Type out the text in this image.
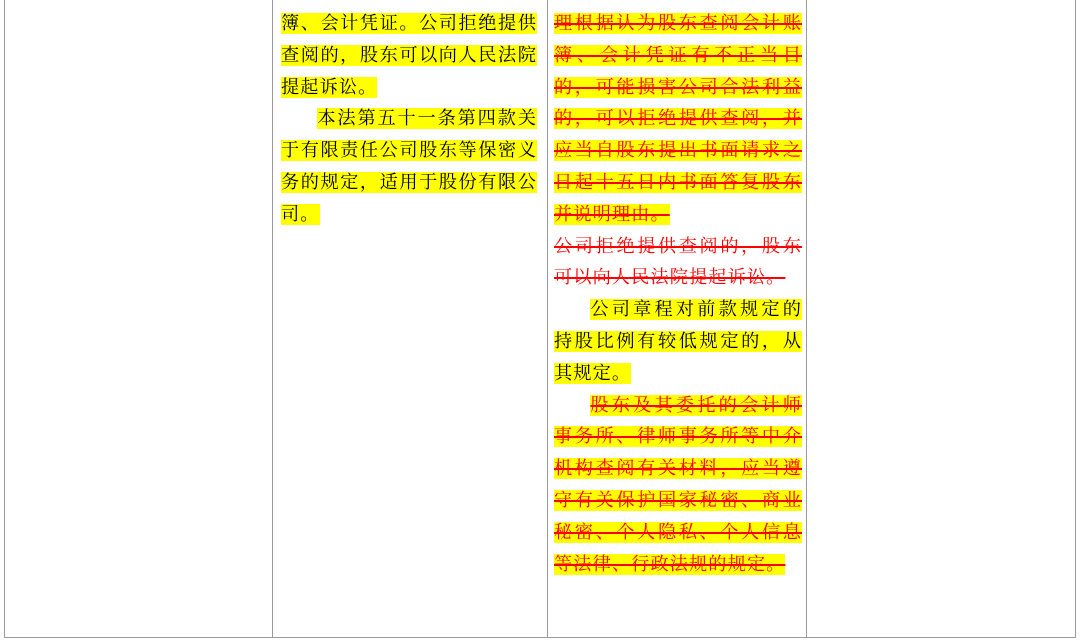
簿、会计凭证。公司拒绝提供查阅的，股东可以向人民法院提起诉讼。

本法第五十一条第四款关于有限责任公司股东等保密义务的规定，适用于股份有限公司。

理根据认为股东查阅会计账簿、会计凭证有不正当目的，可能损害公司合法利益的，可以拒绝提供查阅，并应当自股东提出书面请求之日起十五日内书面答复股东并说明理由。

公司拒绝提供查阅的，股东可以向人民法院提起诉讼。

公司章程对前款规定的持股比例有较低规定的，从其规定。

股东及其委托的会计师事务所、律师事务所等中介机构查阅有关材料，应当遵守有关保护国家秘密、商业秘密、个人隐私、个人信息等法律、行政法规的规定。
